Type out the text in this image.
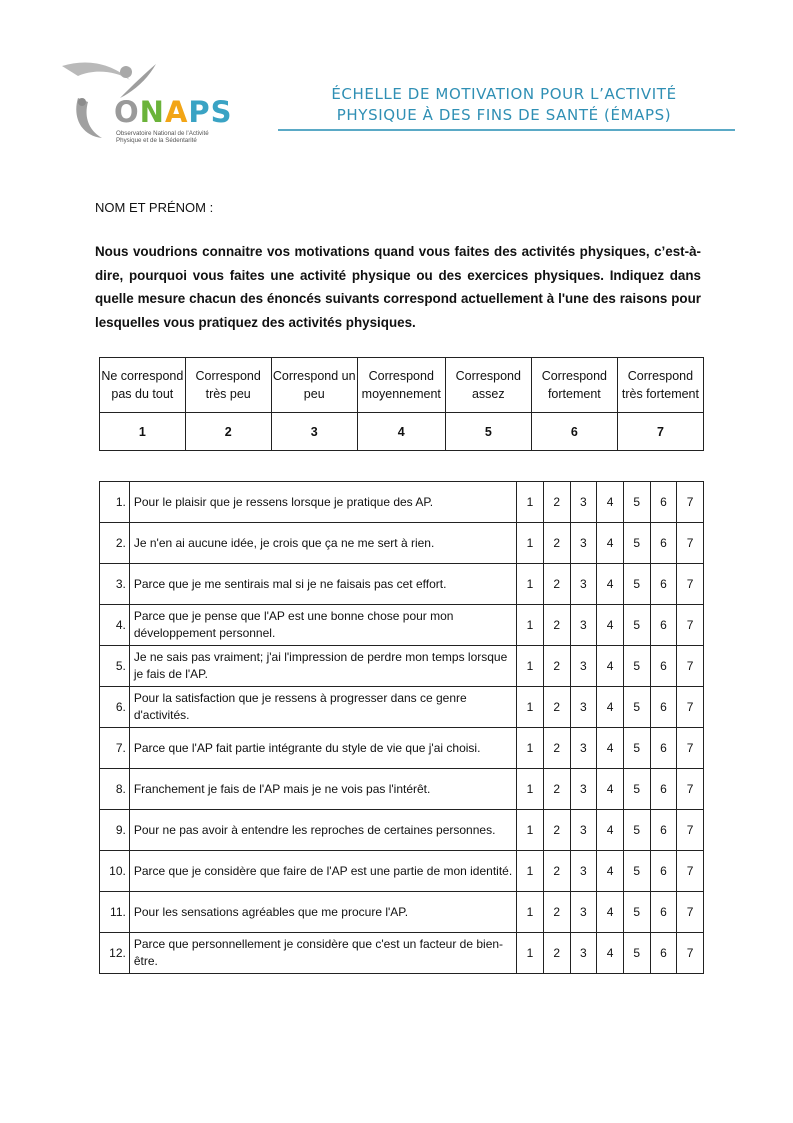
ONAPS
Observatoire National de l'Activité
Physique et de la Sédentarité
ÉCHELLE DE MOTIVATION POUR L’ACTIVITÉ
PHYSIQUE À DES FINS DE SANTÉ (ÉMAPS)
NOM ET PRÉNOM :
Nous voudrions connaitre vos motivations quand vous faites des activités physiques, c’est-à-dire, pourquoi vous faites une activité physique ou des exercices physiques. Indiquez dans quelle mesure chacun des énoncés suivants correspond actuellement à l'une des raisons pour lesquelles vous pratiquez des activités physiques.
Ne correspond pas du tout	Correspond très peu	Correspond un peu	Correspond moyennement	Correspond assez	Correspond fortement	Correspond très fortement
1	2	3	4	5	6	7
1.	Pour le plaisir que je ressens lorsque je pratique des AP.	1	2	3	4	5	6	7
2.	Je n'en ai aucune idée, je crois que ça ne me sert à rien.	1	2	3	4	5	6	7
3.	Parce que je me sentirais mal si je ne faisais pas cet effort.	1	2	3	4	5	6	7
4.	Parce que je pense que l'AP est une bonne chose pour mon développement personnel.	1	2	3	4	5	6	7
5.	Je ne sais pas vraiment; j'ai l'impression de perdre mon temps lorsque je fais de l'AP.	1	2	3	4	5	6	7
6.	Pour la satisfaction que je ressens à progresser dans ce genre d'activités.	1	2	3	4	5	6	7
7.	Parce que l'AP fait partie intégrante du style de vie que j'ai choisi.	1	2	3	4	5	6	7
8.	Franchement je fais de l'AP mais je ne vois pas l'intérêt.	1	2	3	4	5	6	7
9.	Pour ne pas avoir à entendre les reproches de certaines personnes.	1	2	3	4	5	6	7
10.	Parce que je considère que faire de l'AP est une partie de mon identité.	1	2	3	4	5	6	7
11.	Pour les sensations agréables que me procure l'AP.	1	2	3	4	5	6	7
12.	Parce que personnellement je considère que c'est un facteur de bien-être.	1	2	3	4	5	6	7
